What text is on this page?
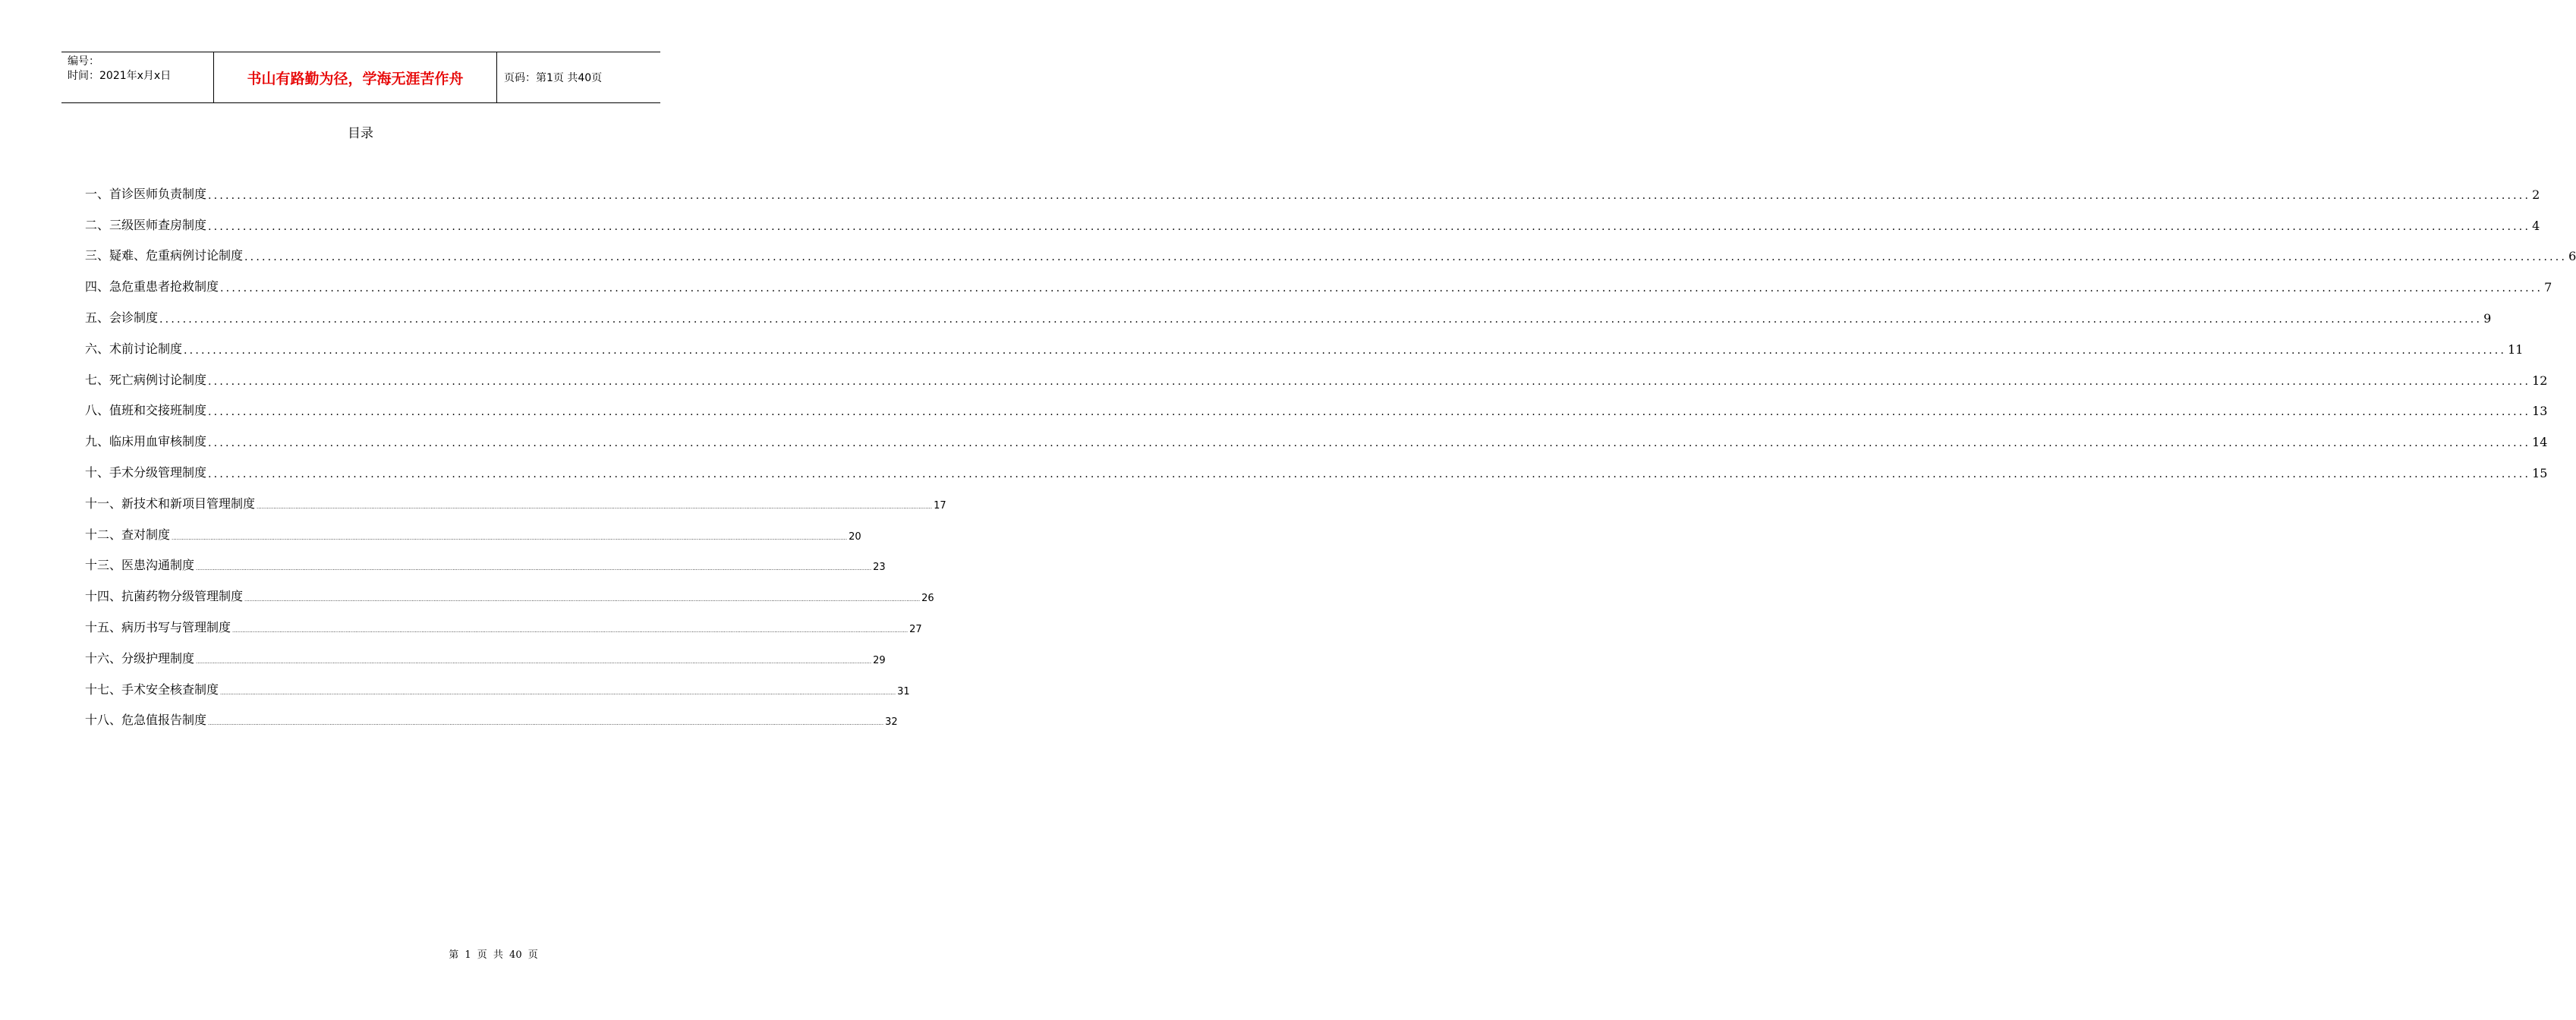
编号：
时间：2021年x月x日	书山有路勤为径，学海无涯苦作舟	页码：第1页 共40页
目录
一、首诊医师负责制度 ................................................................................................................................................................................................................................................................................................................................................................................................................ 2
二、三级医师查房制度 ................................................................................................................................................................................................................................................................................................................................................................................................................ 4
三、疑难、危重病例讨论制度 ................................................................................................................................................................................................................................................................................................................................................................................................................ 6
四、急危重患者抢救制度 ................................................................................................................................................................................................................................................................................................................................................................................................................ 7
五、会诊制度 ................................................................................................................................................................................................................................................................................................................................................................................................................ 9
六、术前讨论制度 ................................................................................................................................................................................................................................................................................................................................................................................................................ 11
七、死亡病例讨论制度 ................................................................................................................................................................................................................................................................................................................................................................................................................ 12
八、值班和交接班制度 ................................................................................................................................................................................................................................................................................................................................................................................................................ 13
九、临床用血审核制度 ................................................................................................................................................................................................................................................................................................................................................................................................................ 14
十、手术分级管理制度 ................................................................................................................................................................................................................................................................................................................................................................................................................ 15
十一、新技术和新项目管理制度 ................................................................................................................................................................................................................................................................................................................................................................................................................ 17
十二、查对制度 ................................................................................................................................................................................................................................................................................................................................................................................................................ 20
十三、医患沟通制度 ................................................................................................................................................................................................................................................................................................................................................................................................................ 23
十四、抗菌药物分级管理制度 ................................................................................................................................................................................................................................................................................................................................................................................................................ 26
十五、病历书写与管理制度 ................................................................................................................................................................................................................................................................................................................................................................................................................ 27
十六、分级护理制度 ................................................................................................................................................................................................................................................................................................................................................................................................................ 29
十七、手术安全核查制度 ................................................................................................................................................................................................................................................................................................................................................................................................................ 31
十八、危急值报告制度 ................................................................................................................................................................................................................................................................................................................................................................................................................ 32
第 1 页 共 40 页
